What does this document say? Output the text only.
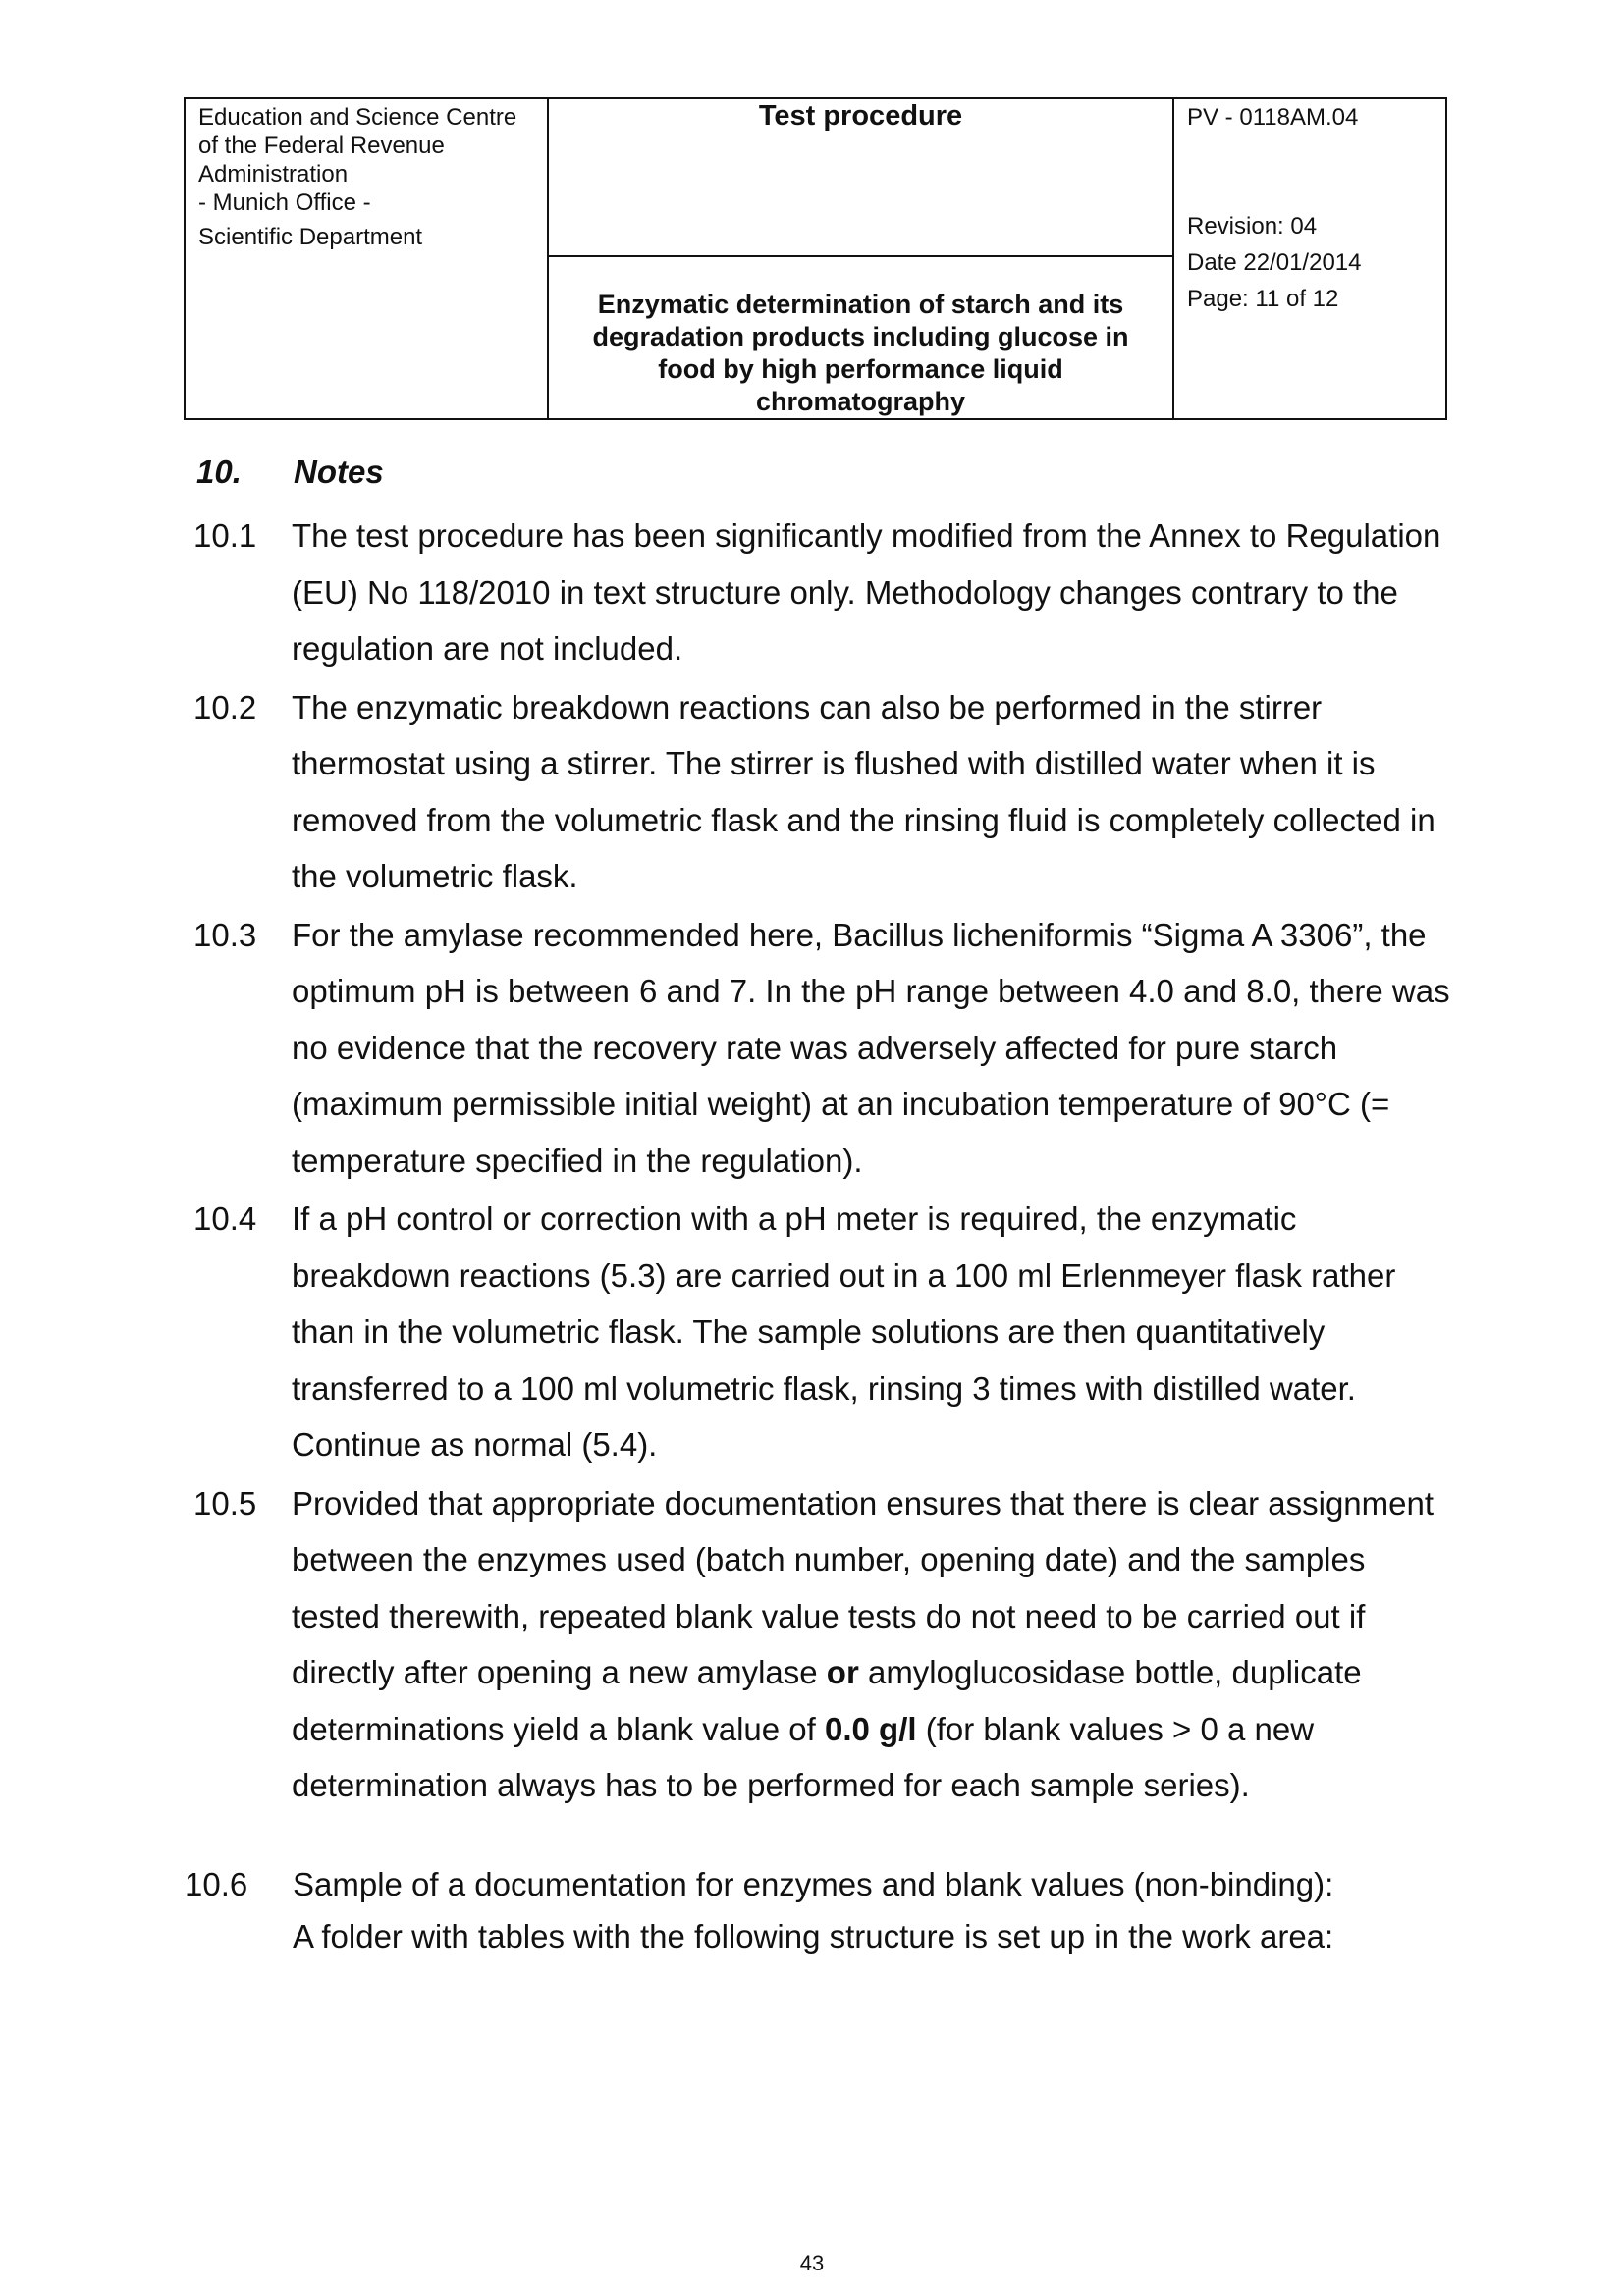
Education and Science Centre
of the Federal Revenue
Administration
- Munich Office -
Scientific Department

Test procedure	PV - 0118AM.04
Revision: 04
Date 22/01/2014
Page: 11 of 12

Enzymatic determination of starch and its degradation products including glucose in food by high performance liquid chromatography
10. Notes
10.1	The test procedure has been significantly modified from the Annex to Regulation (EU) No 118/2010 in text structure only. Methodology changes contrary to the regulation are not included.
10.2	The enzymatic breakdown reactions can also be performed in the stirrer thermostat using a stirrer. The stirrer is flushed with distilled water when it is removed from the volumetric flask and the rinsing fluid is completely collected in the volumetric flask.
10.3	For the amylase recommended here, Bacillus licheniformis “Sigma A 3306”, the optimum pH is between 6 and 7. In the pH range between 4.0 and 8.0, there was no evidence that the recovery rate was adversely affected for pure starch (maximum permissible initial weight) at an incubation temperature of 90°C (= temperature specified in the regulation).
10.4	If a pH control or correction with a pH meter is required, the enzymatic breakdown reactions (5.3) are carried out in a 100 ml Erlenmeyer flask rather than in the volumetric flask. The sample solutions are then quantitatively transferred to a 100 ml volumetric flask, rinsing 3 times with distilled water. Continue as normal (5.4).
10.5	Provided that appropriate documentation ensures that there is clear assignment between the enzymes used (batch number, opening date) and the samples tested therewith, repeated blank value tests do not need to be carried out if directly after opening a new amylase or amyloglucosidase bottle, duplicate determinations yield a blank value of 0.0 g/l (for blank values > 0 a new determination always has to be performed for each sample series).
10.6 Sample of a documentation for enzymes and blank values (non-binding):
A folder with tables with the following structure is set up in the work area:
43
